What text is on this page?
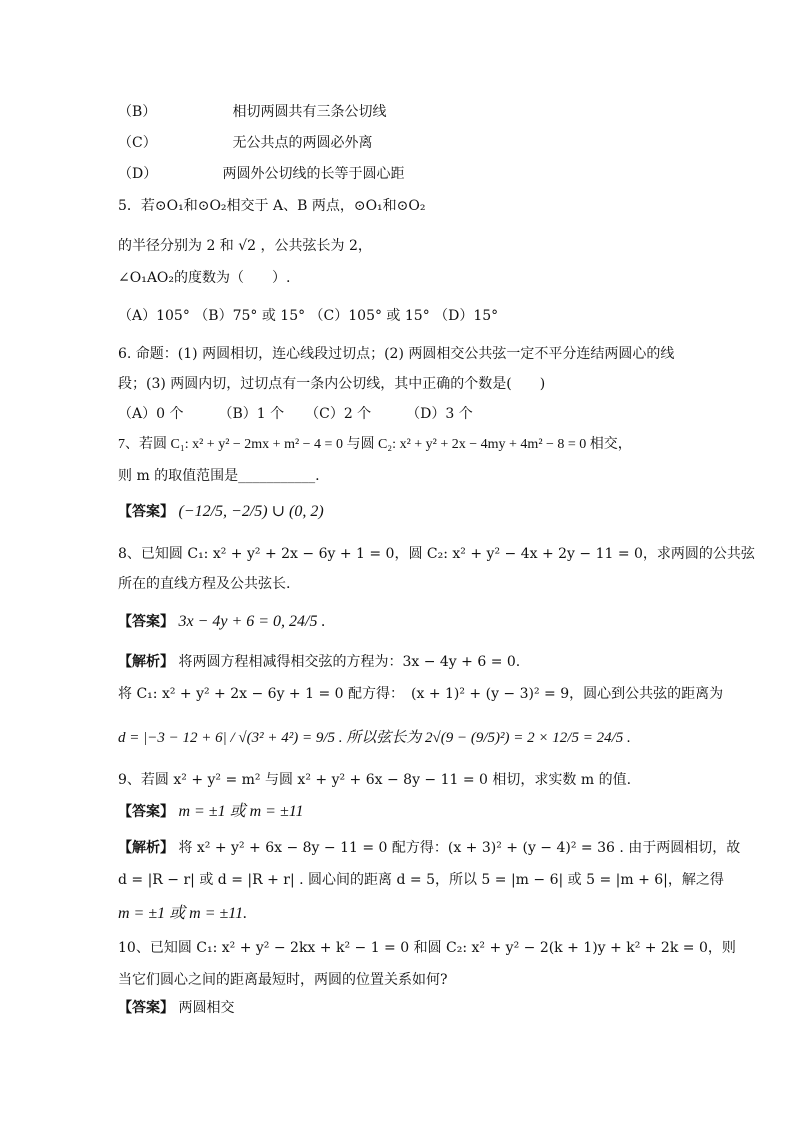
（B）	相切两圆共有三条公切线
（C）	无公共点的两圆必外离
（D）	两圆外公切线的长等于圆心距
5．若⊙O₁和⊙O₂相交于 A、B 两点，⊙O₁和⊙O₂
的半径分别为 2 和 √2 ，公共弦长为 2，
∠O₁AO₂的度数为（　　）.
（A）105° （B）75° 或 15° （C）105° 或 15° （D）15°
6. 命题：(1) 两圆相切，连心线段过切点；(2) 两圆相交公共弦一定不平分连结两圆心的线
段；(3) 两圆内切，过切点有一条内公切线，其中正确的个数是(　　)
（A）0 个　　　（B）1 个　　（C）2 个　　　（D）3 个
7、若圆 C₁: x² + y² − 2mx + m² − 4 = 0 与圆 C₂: x² + y² + 2x − 4my + 4m² − 8 = 0 相交，
则 m 的取值范围是___________.
【答案】 (−12/5, −2/5) ∪ (0, 2)
8、已知圆 C₁: x² + y² + 2x − 6y + 1 = 0，圆 C₂: x² + y² − 4x + 2y − 11 = 0，求两圆的公共弦
所在的直线方程及公共弦长.
【答案】 3x − 4y + 6 = 0, 24/5 .
【解析】 将两圆方程相减得相交弦的方程为：3x − 4y + 6 = 0.
将 C₁: x² + y² + 2x − 6y + 1 = 0 配方得：　(x + 1)² + (y − 3)² = 9，圆心到公共弦的距离为
d = |−3 − 12 + 6| / √(3² + 4²) = 9/5 . 所以弦长为 2√(9 − (9/5)²) = 2 × 12/5 = 24/5 .
9、若圆 x² + y² = m² 与圆 x² + y² + 6x − 8y − 11 = 0 相切，求实数 m 的值.
【答案】 m = ±1 或 m = ±11
【解析】 将 x² + y² + 6x − 8y − 11 = 0 配方得：(x + 3)² + (y − 4)² = 36 . 由于两圆相切，故
d = |R − r| 或 d = |R + r| . 圆心间的距离 d = 5，所以 5 = |m − 6| 或 5 = |m + 6|，解之得
m = ±1 或 m = ±11.
10、已知圆 C₁: x² + y² − 2kx + k² − 1 = 0 和圆 C₂: x² + y² − 2(k + 1)y + k² + 2k = 0，则
当它们圆心之间的距离最短时，两圆的位置关系如何?
【答案】 两圆相交
